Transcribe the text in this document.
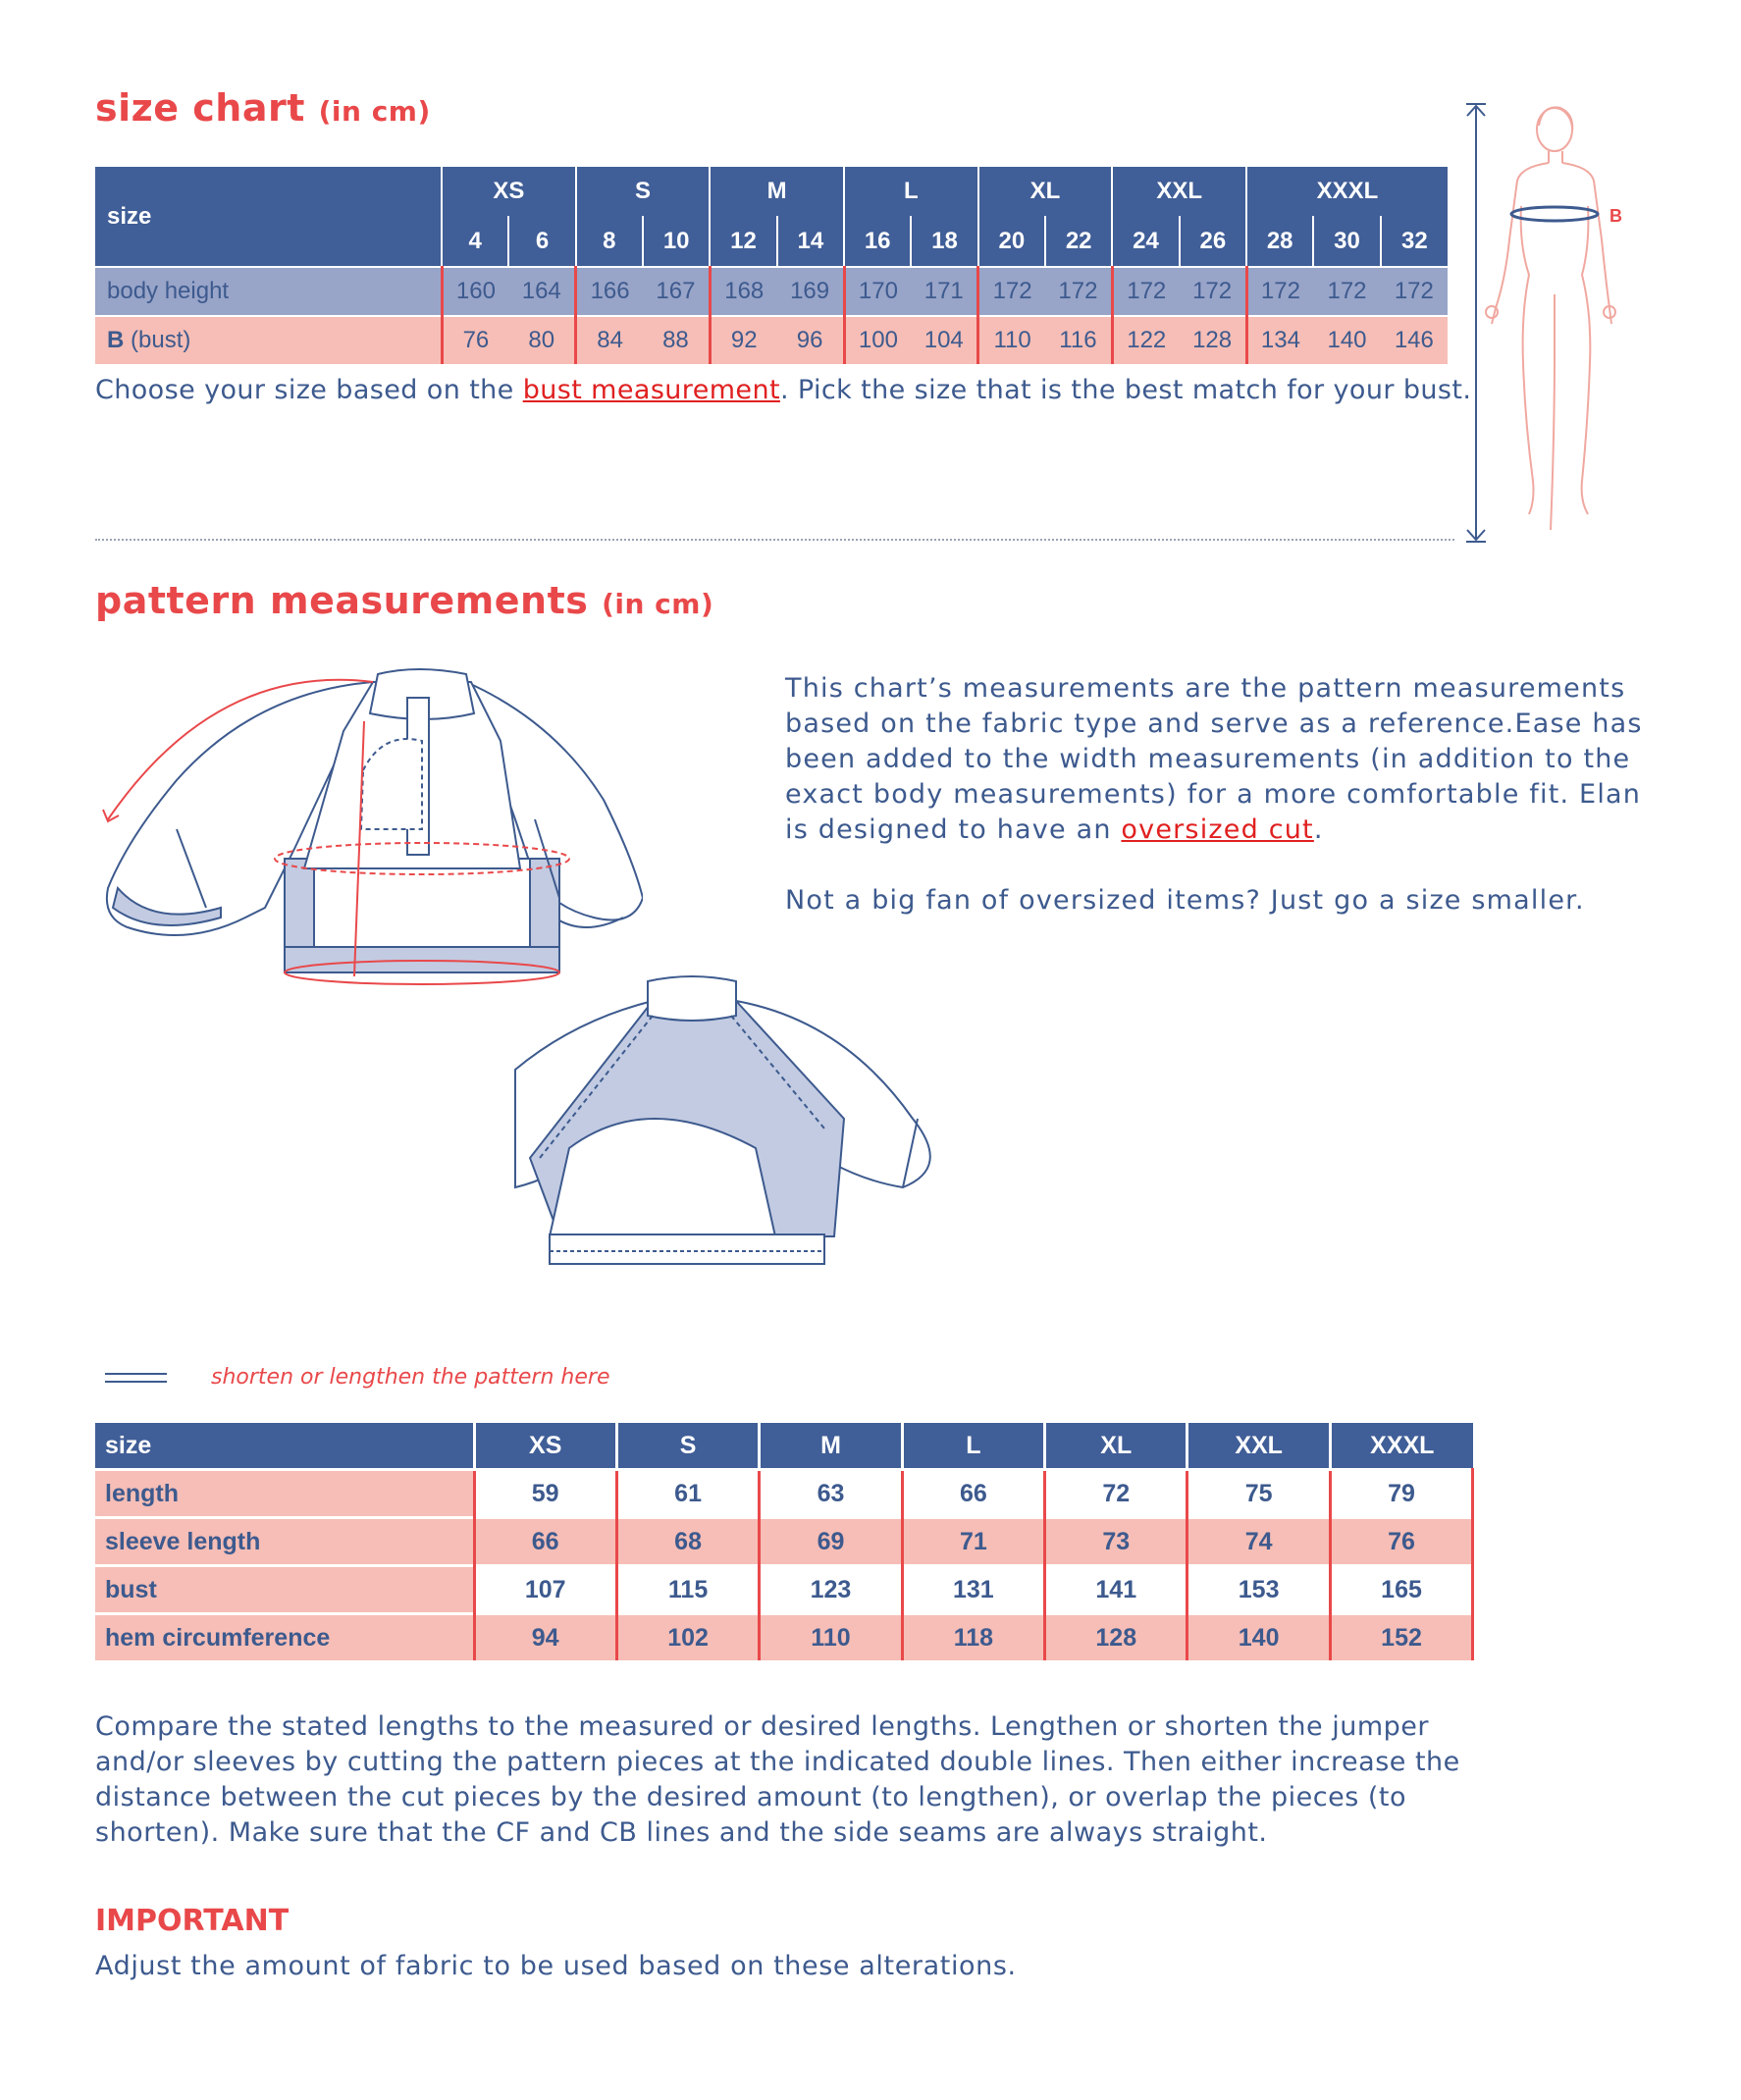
size chart (in cm)
size	XS		S		M		L		XL		XXL		XXXL		
	4	6	8	10	12	14	16	18	20	22	24	26	28	30	32
body height	160	164	166	167	168	169	170	171	172	172	172	172	172	172	172
B (bust)	76	80	84	88	92	96	100	104	110	116	122	128	134	140	146
Choose your size based on the bust measurement. Pick the size that is the best match for your bust.
B
pattern measurements (in cm)
This chart’s measurements are the pattern measurements based on the fabric type and serve as a reference.Ease has been added to the width measurements (in addition to the exact body measurements) for a more comfortable fit. Elan is designed to have an oversized cut.
Not a big fan of oversized items? Just go a size smaller.
shorten or lengthen the pattern here
size	XS	S	M	L	XL	XXL	XXXL
length	59	61	63	66	72	75	79
sleeve length	66	68	69	71	73	74	76
bust	107	115	123	131	141	153	165
hem circumference	94	102	110	118	128	140	152
Compare the stated lengths to the measured or desired lengths. Lengthen or shorten the jumper and/or sleeves by cutting the pattern pieces at the indicated double lines. Then either increase the distance between the cut pieces by the desired amount (to lengthen), or overlap the pieces (to shorten). Make sure that the CF and CB lines and the side seams are always straight.
IMPORTANT
Adjust the amount of fabric to be used based on these alterations.
